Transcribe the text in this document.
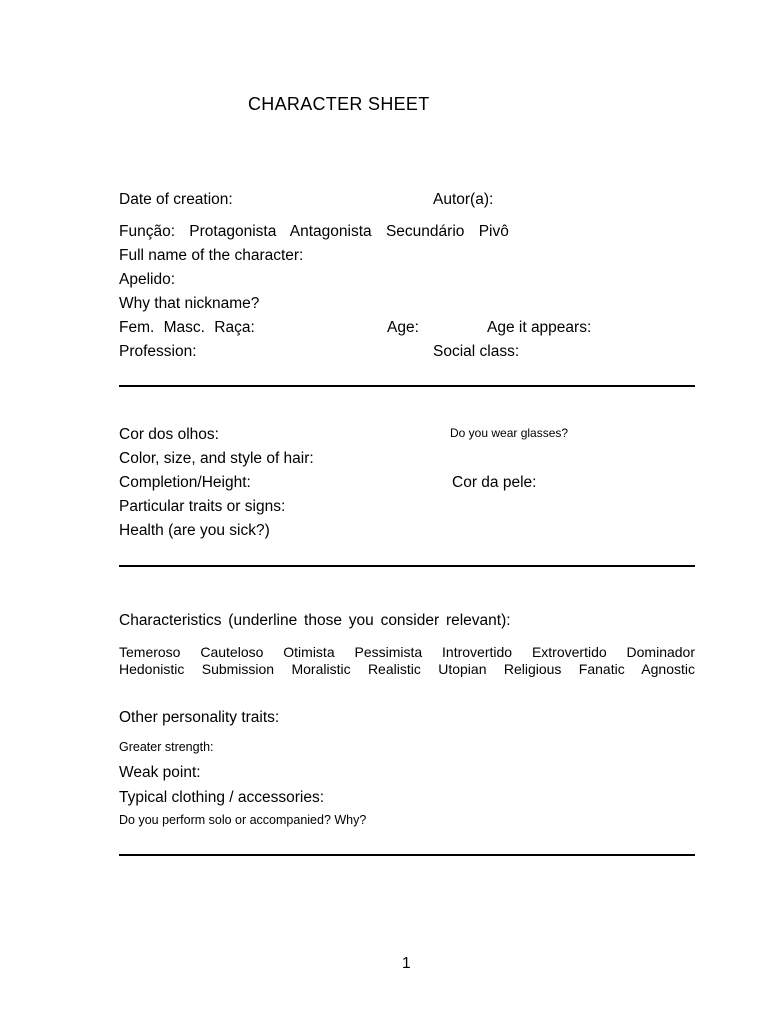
CHARACTER SHEET
Date of creation:	Autor(a):
Função: Protagonista Antagonista Secundário Pivô
Full name of the character:
Apelido:
Why that nickname?
Fem. Masc. Raça:	Age:	Age it appears:
Profession:	Social class:
Cor dos olhos:	Do you wear glasses?
Color, size, and style of hair:
Completion/Height:	Cor da pele:
Particular traits or signs:
Health (are you sick?)
Characteristics (underline those you consider relevant):
Temeroso Cauteloso Otimista Pessimista Introvertido Extrovertido Dominador
Hedonistic Submission Moralistic Realistic Utopian Religious Fanatic Agnostic
Other personality traits:
Greater strength:
Weak point:
Typical clothing / accessories:
Do you perform solo or accompanied? Why?
1
